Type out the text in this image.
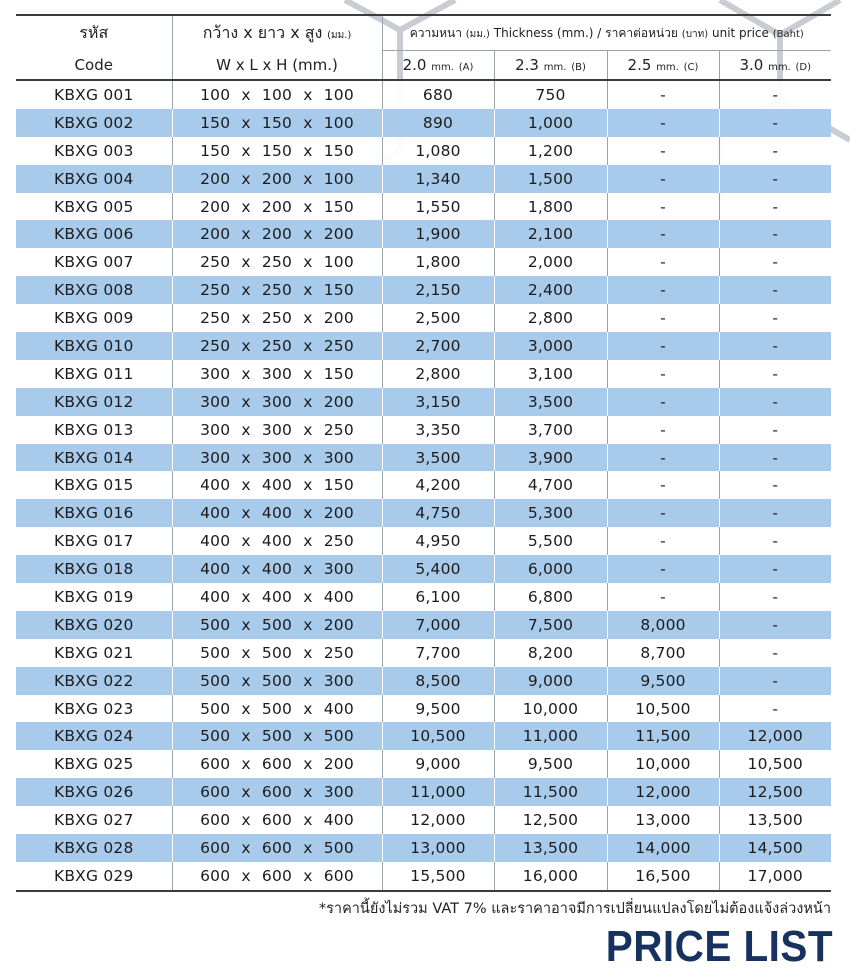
รหัส	กว้าง x ยาว x สูง (มม.)	ความหนา (มม.) Thickness (mm.) / ราคาต่อหน่วย (บาท) unit price (Baht)			
Code	W x L x H (mm.)	2.0 mm. (A)	2.3 mm. (B)	2.5 mm. (C)	3.0 mm. (D)
KBXG 001	100 x 100 x 100	680	750	-	-
KBXG 002	150 x 150 x 100	890	1,000	-	-
KBXG 003	150 x 150 x 150	1,080	1,200	-	-
KBXG 004	200 x 200 x 100	1,340	1,500	-	-
KBXG 005	200 x 200 x 150	1,550	1,800	-	-
KBXG 006	200 x 200 x 200	1,900	2,100	-	-
KBXG 007	250 x 250 x 100	1,800	2,000	-	-
KBXG 008	250 x 250 x 150	2,150	2,400	-	-
KBXG 009	250 x 250 x 200	2,500	2,800	-	-
KBXG 010	250 x 250 x 250	2,700	3,000	-	-
KBXG 011	300 x 300 x 150	2,800	3,100	-	-
KBXG 012	300 x 300 x 200	3,150	3,500	-	-
KBXG 013	300 x 300 x 250	3,350	3,700	-	-
KBXG 014	300 x 300 x 300	3,500	3,900	-	-
KBXG 015	400 x 400 x 150	4,200	4,700	-	-
KBXG 016	400 x 400 x 200	4,750	5,300	-	-
KBXG 017	400 x 400 x 250	4,950	5,500	-	-
KBXG 018	400 x 400 x 300	5,400	6,000	-	-
KBXG 019	400 x 400 x 400	6,100	6,800	-	-
KBXG 020	500 x 500 x 200	7,000	7,500	8,000	-
KBXG 021	500 x 500 x 250	7,700	8,200	8,700	-
KBXG 022	500 x 500 x 300	8,500	9,000	9,500	-
KBXG 023	500 x 500 x 400	9,500	10,000	10,500	-
KBXG 024	500 x 500 x 500	10,500	11,000	11,500	12,000
KBXG 025	600 x 600 x 200	9,000	9,500	10,000	10,500
KBXG 026	600 x 600 x 300	11,000	11,500	12,000	12,500
KBXG 027	600 x 600 x 400	12,000	12,500	13,000	13,500
KBXG 028	600 x 600 x 500	13,000	13,500	14,000	14,500
KBXG 029	600 x 600 x 600	15,500	16,000	16,500	17,000
*ราคานี้ยังไม่รวม VAT 7% และราคาอาจมีการเปลี่ยนแปลงโดยไม่ต้องแจ้งล่วงหน้า
PRICE LIST
